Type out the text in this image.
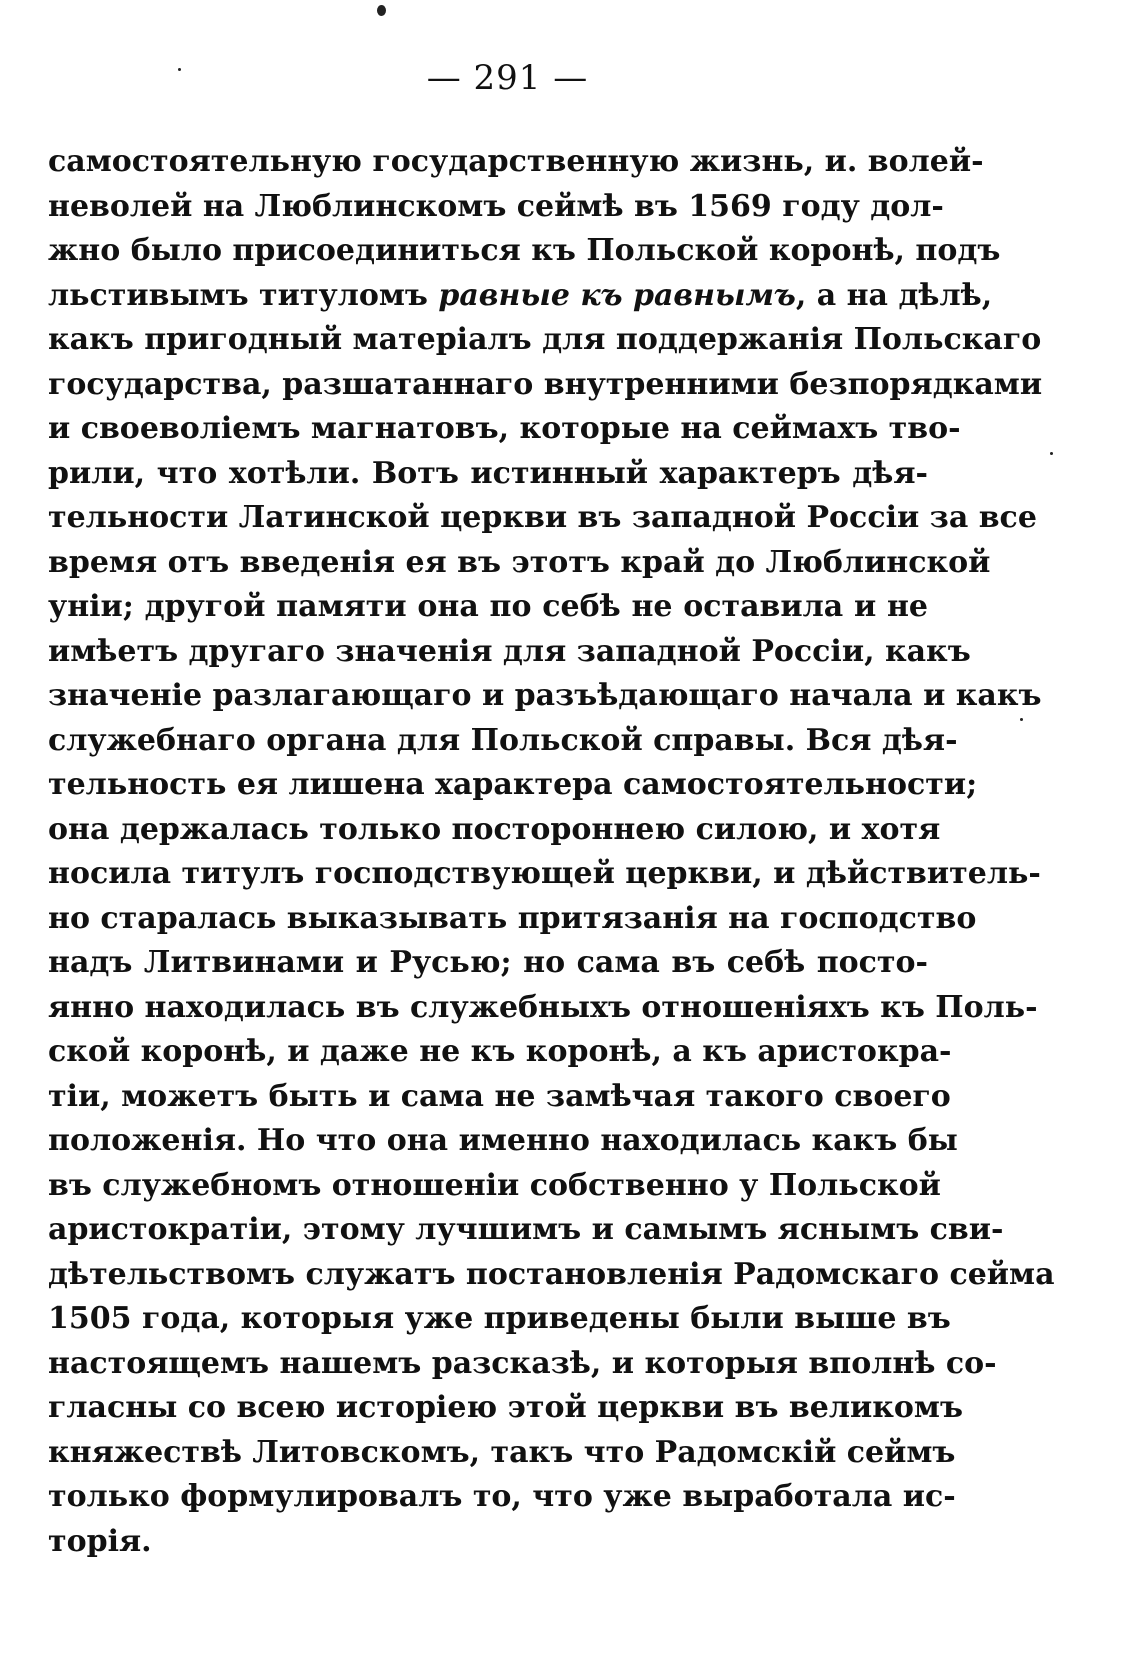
— 291 —
самостоятельную государственную жизнь, и. волей-
неволей на Люблинскомъ сеймѣ въ 1569 году дол-
жно было присоединиться къ Польской коронѣ, подъ
льстивымъ титуломъ равные къ равнымъ, а на дѣлѣ,
какъ пригодный матеріалъ для поддержанія Польскаго
государства, разшатаннаго внутренними безпорядками
и своеволіемъ магнатовъ, которые на сеймахъ тво-
рили, что хотѣли. Вотъ истинный характеръ дѣя-
тельности Латинской церкви въ западной Россіи за все
время отъ введенія ея въ этотъ край до Люблинской
уніи; другой памяти она по себѣ не оставила и не
имѣетъ другаго значенія для западной Россіи, какъ
значеніе разлагающаго и разъѣдающаго начала и какъ
служебнаго органа для Польской справы. Вся дѣя-
тельность ея лишена характера самостоятельности;
она держалась только постороннею силою, и хотя
носила титулъ господствующей церкви, и дѣйствитель-
но старалась выказывать притязанія на господство
надъ Литвинами и Русью; но сама въ себѣ посто-
янно находилась въ служебныхъ отношеніяхъ къ Поль-
ской коронѣ, и даже не къ коронѣ, а къ аристокра-
тіи, можетъ быть и сама не замѣчая такого своего
положенія. Но что она именно находилась какъ бы
въ служебномъ отношеніи собственно у Польской
аристократіи, этому лучшимъ и самымъ яснымъ сви-
дѣтельствомъ служатъ постановленія Радомскаго сейма
1505 года, которыя уже приведены были выше въ
настоящемъ нашемъ разсказѣ, и которыя вполнѣ со-
гласны со всею исторіею этой церкви въ великомъ
княжествѣ Литовскомъ, такъ что Радомскій сеймъ
только формулировалъ то, что уже выработала ис-
торія.
